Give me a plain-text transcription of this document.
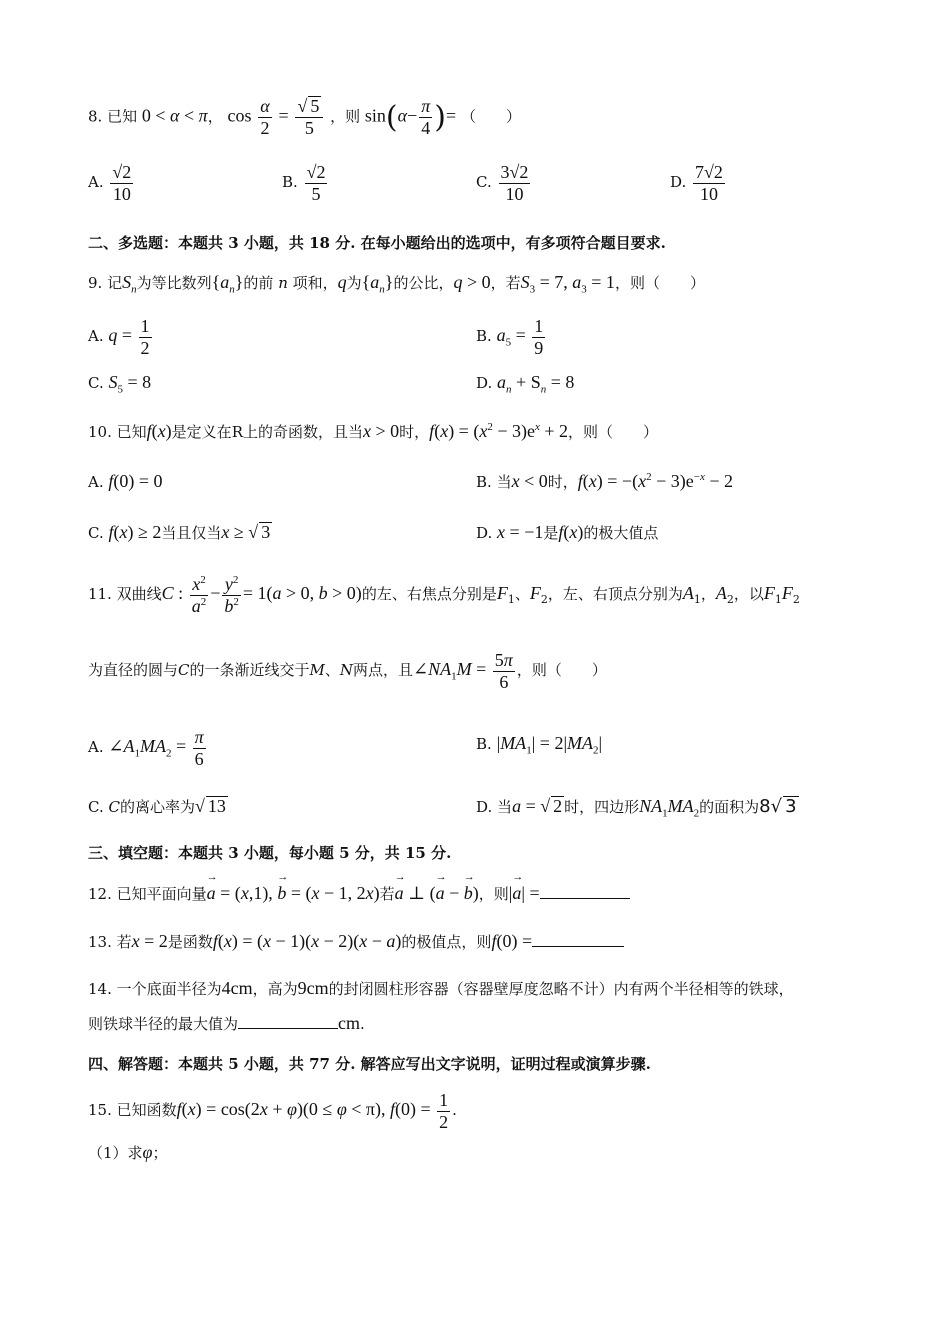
8. 已知 0 < α < π， $\cos \frac{\alpha}{2} = \frac{√ 5}{5}$ ，则 $\sin(\alpha- \frac{\pi}{4}$ )= （　　）
A. $\frac{√2}{10}$	B. $\frac{√2}{5}$	C. $\frac{3√2}{10}$	D. $\frac{7√2}{10}$
二、多选题：本题共 3 小题，共 18 分. 在每小题给出的选项中，有多项符合题目要求.
9. 记$S_n$为等比数列$\{a_n\}$的前 n 项和，q为$\{a_n\}$的公比，q > 0，若$S_3 = 7$, $a_3 = 1$，则（　　）
A. $q = \frac{1}{2}$	B. $a_5 = \frac{1}{9}$
C. $S_5 = 8$	D. $a_n + S_n = 8$
10. 已知f(x)是定义在R上的奇函数，且当x > 0时，$f(x) = (x^2 - 3)e^x + 2$，则（　　）
A. f(0) = 0	B. 当x < 0时，$f(x) = -(x^2 - 3)e^{-x} - 2$
C. f(x) ≥ 2当且仅当x ≥ √ 3	D. x = −1是f(x)的极大值点
11. 双曲线C : $\frac{x^2}{a^2} - \frac{y^2}{b^2} = 1(a > 0$, b > 0)的左、右焦点分别是$F_1$、$F_2$，左、右顶点分别为$A_1$，$A_2$，以$F_1F_2$
为直径的圆与C的一条渐近线交于M、N两点，且$\angle NA_1M = \frac{5\pi}{6}$ ，则（　　）
A. $\angle A_1MA_2 = \frac{\pi}{6}$	B. $|MA_1| = 2|MA_2|$
C. C的离心率为√ 13	D. 当a = √ 2 时，四边形$NA_1MA_2$的面积为8√ 3
三、填空题：本题共 3 小题，每小题 5 分，共 15 分.
12. 已知平面向量→ a = (x,1), → b = (x − 1, 2x)若→ a ⊥ (→ a − → b)，则|→ a| =
13. 若x = 2是函数f(x) = (x − 1)(x − 2)(x − a)的极值点，则f(0) =
14. 一个底面半径为4cm，高为9cm的封闭圆柱形容器（容器壁厚度忽略不计）内有两个半径相等的铁球，
则铁球半径的最大值为	cm.
四、解答题：本题共 5 小题，共 77 分. 解答应写出文字说明，证明过程或演算步骤.
15. 已知函数f(x) = cos(2x + φ)(0 ≤ φ < π), $f(0) = \frac{1}{2}$ .
（1）求φ；
